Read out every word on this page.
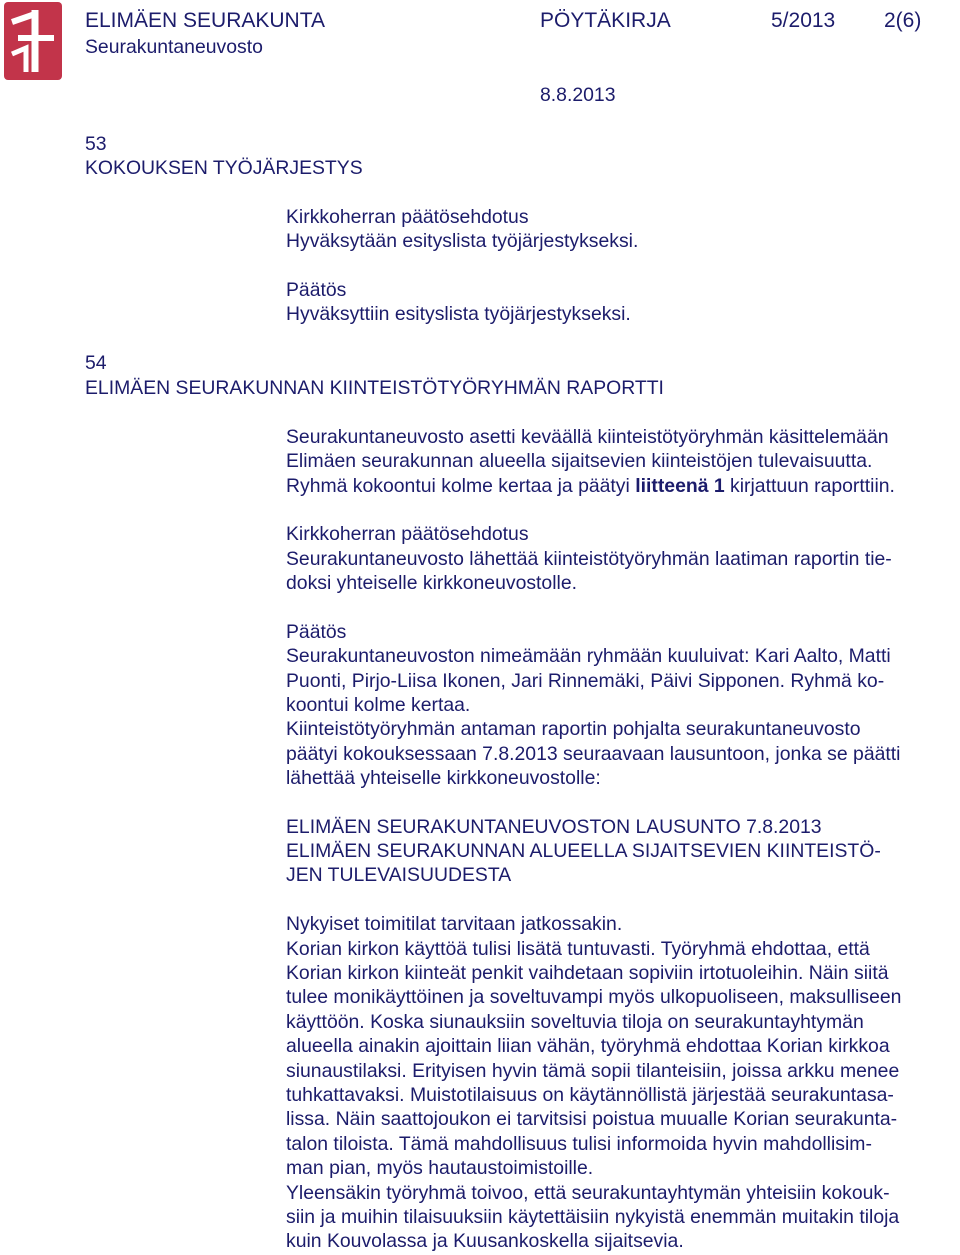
ELIMÄEN SEURAKUNTA
Seurakuntaneuvosto
PÖYTÄKIRJA	5/2013 2(6)
8.8.2013
53
KOKOUKSEN TYÖJÄRJESTYS
Kirkkoherran päätösehdotus
Hyväksytään esityslista työjärjestykseksi.
Päätös
Hyväksyttiin esityslista työjärjestykseksi.
54
ELIMÄEN SEURAKUNNAN KIINTEISTÖTYÖRYHMÄN RAPORTTI
Seurakuntaneuvosto asetti keväällä kiinteistötyöryhmän käsittelemään
Elimäen seurakunnan alueella sijaitsevien kiinteistöjen tulevaisuutta.
Ryhmä kokoontui kolme kertaa ja päätyi liitteenä 1 kirjattuun raporttiin.
Kirkkoherran päätösehdotus
Seurakuntaneuvosto lähettää kiinteistötyöryhmän laatiman raportin tie-
doksi yhteiselle kirkkoneuvostolle.
Päätös
Seurakuntaneuvoston nimeämään ryhmään kuuluivat: Kari Aalto, Matti
Puonti, Pirjo-Liisa Ikonen, Jari Rinnemäki, Päivi Sipponen. Ryhmä ko-
koontui kolme kertaa.
Kiinteistötyöryhmän antaman raportin pohjalta seurakuntaneuvosto
päätyi kokouksessaan 7.8.2013 seuraavaan lausuntoon, jonka se päätti
lähettää yhteiselle kirkkoneuvostolle:
ELIMÄEN SEURAKUNTANEUVOSTON LAUSUNTO 7.8.2013
ELIMÄEN SEURAKUNNAN ALUEELLA SIJAITSEVIEN KIINTEISTÖ-
JEN TULEVAISUUDESTA
Nykyiset toimitilat tarvitaan jatkossakin.
Korian kirkon käyttöä tulisi lisätä tuntuvasti. Työryhmä ehdottaa, että
Korian kirkon kiinteät penkit vaihdetaan sopiviin irtotuoleihin. Näin siitä
tulee monikäyttöinen ja soveltuvampi myös ulkopuoliseen, maksulliseen
käyttöön. Koska siunauksiin soveltuvia tiloja on seurakuntayhtymän
alueella ainakin ajoittain liian vähän, työryhmä ehdottaa Korian kirkkoa
siunaustilaksi. Erityisen hyvin tämä sopii tilanteisiin, joissa arkku menee
tuhkattavaksi. Muistotilaisuus on käytännöllistä järjestää seurakuntasa-
lissa. Näin saattojoukon ei tarvitsisi poistua muualle Korian seurakunta-
talon tiloista. Tämä mahdollisuus tulisi informoida hyvin mahdollisim-
man pian, myös hautaustoimistoille.
Yleensäkin työryhmä toivoo, että seurakuntayhtymän yhteisiin kokouk-
siin ja muihin tilaisuuksiin käytettäisiin nykyistä enemmän muitakin tiloja
kuin Kouvolassa ja Kuusankoskella sijaitsevia.
